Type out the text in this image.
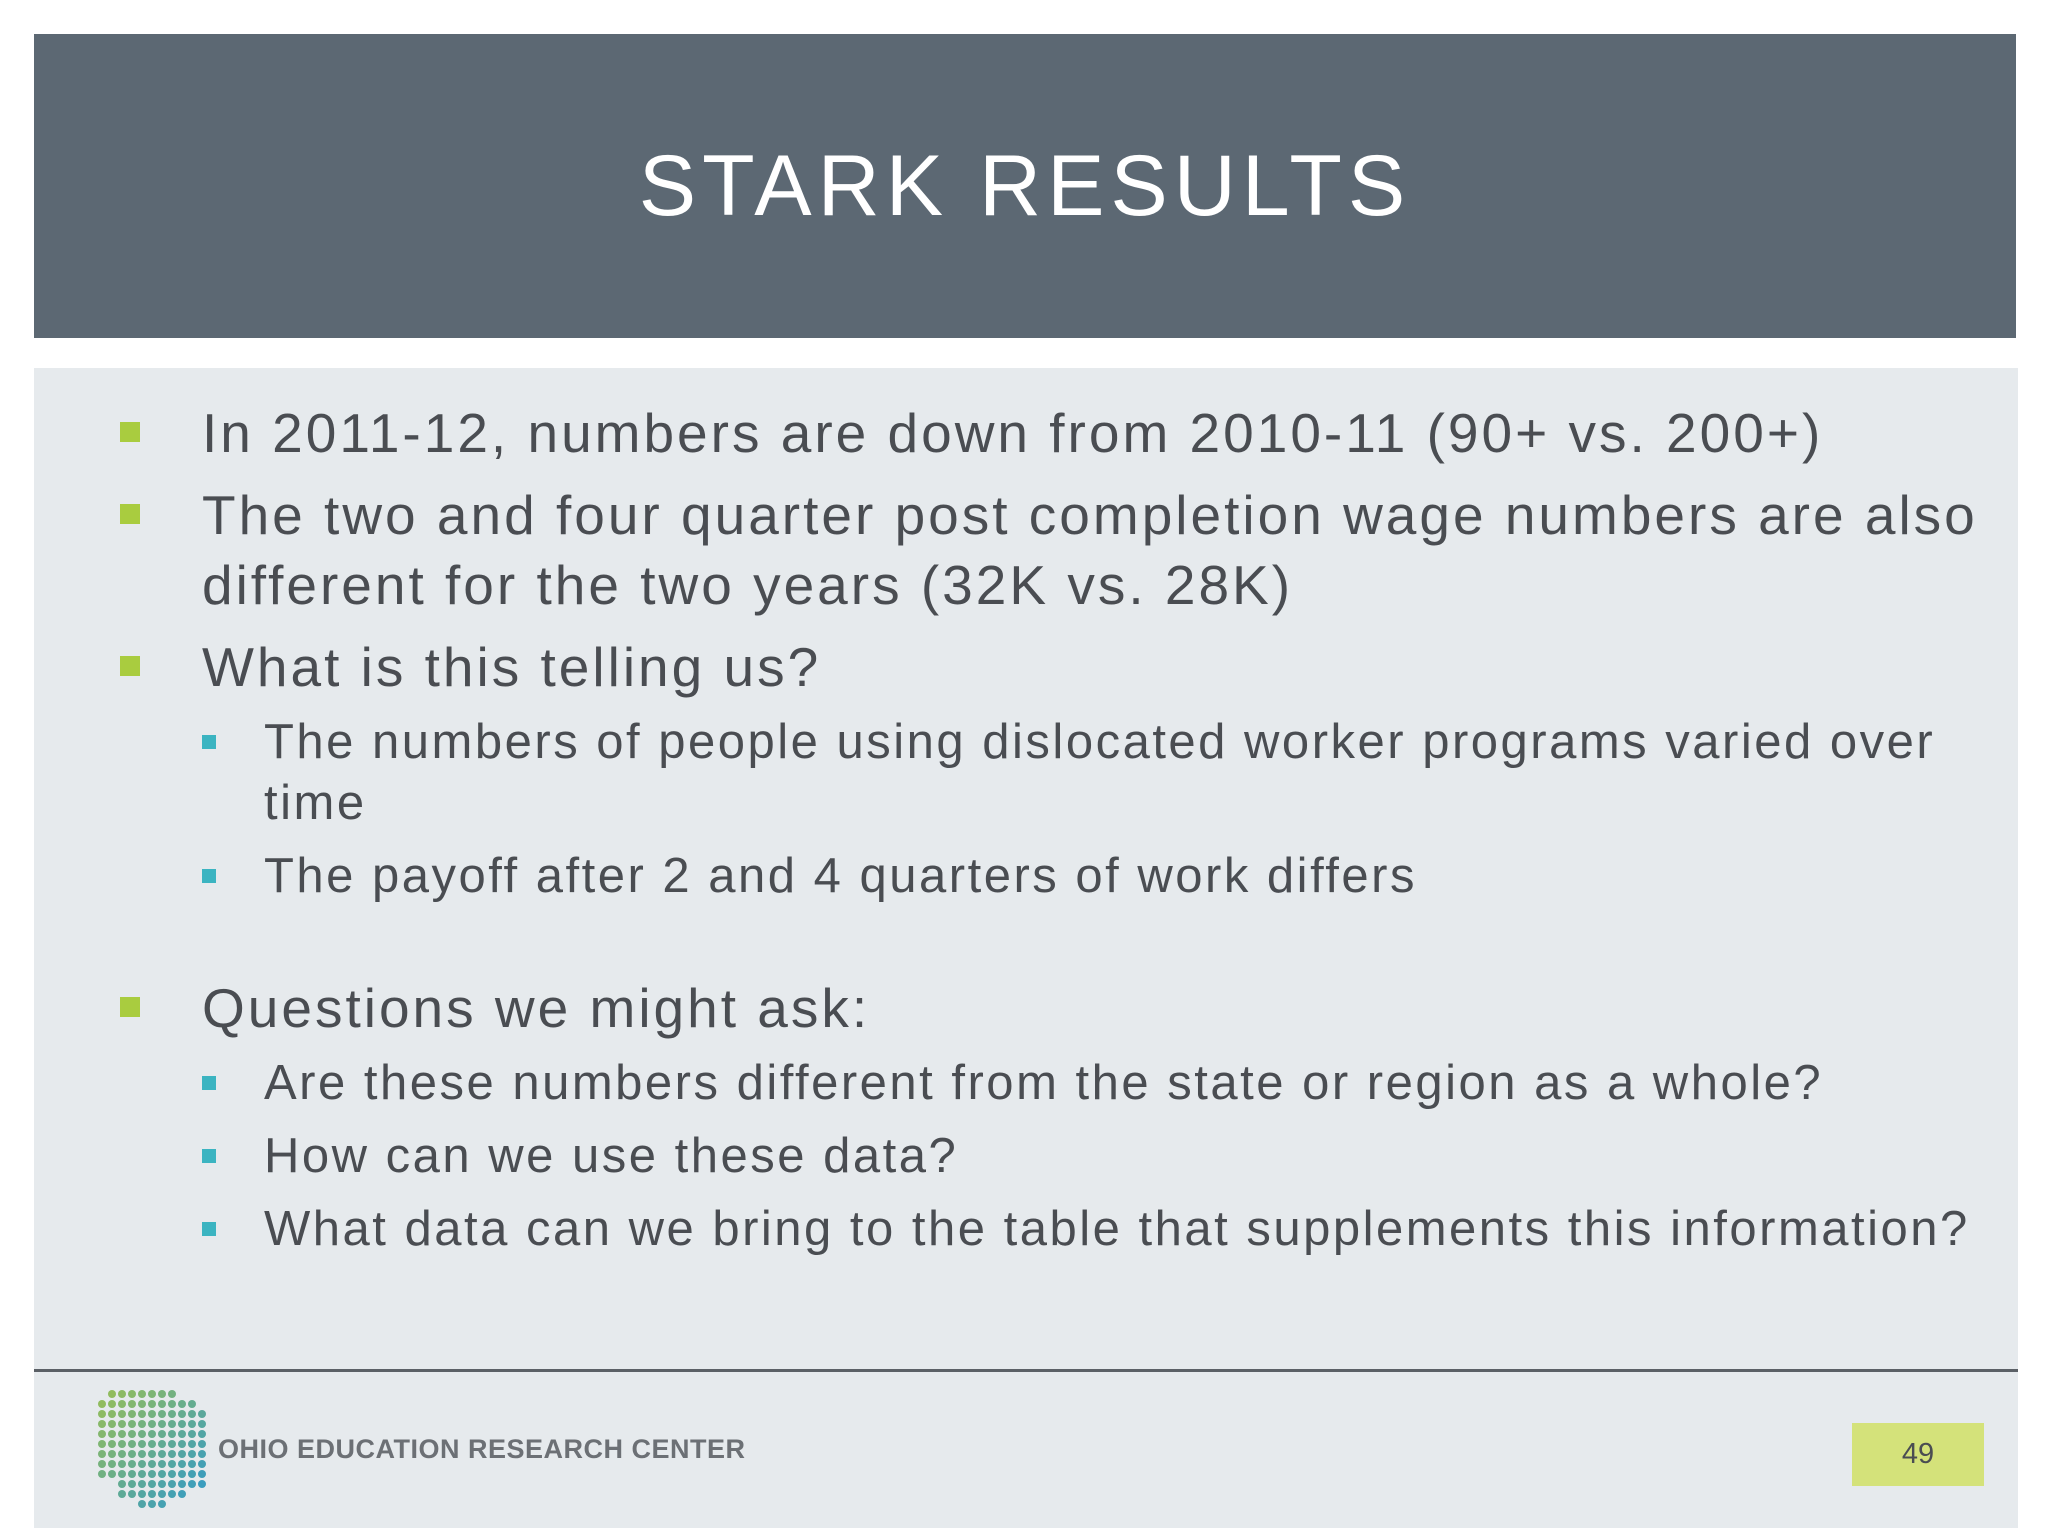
STARK RESULTS
In 2011-12, numbers are down from 2010-11 (90+ vs. 200+)
The two and four quarter post completion wage numbers are also different for the two years (32K vs. 28K)
What is this telling us?
The numbers of people using dislocated worker programs varied over time
The payoff after 2 and 4 quarters of work differs
Questions we might ask:
Are these numbers different from the state or region as a whole?
How can we use these data?
What data can we bring to the table that supplements this information?
OHIO EDUCATION RESEARCH CENTER	49
